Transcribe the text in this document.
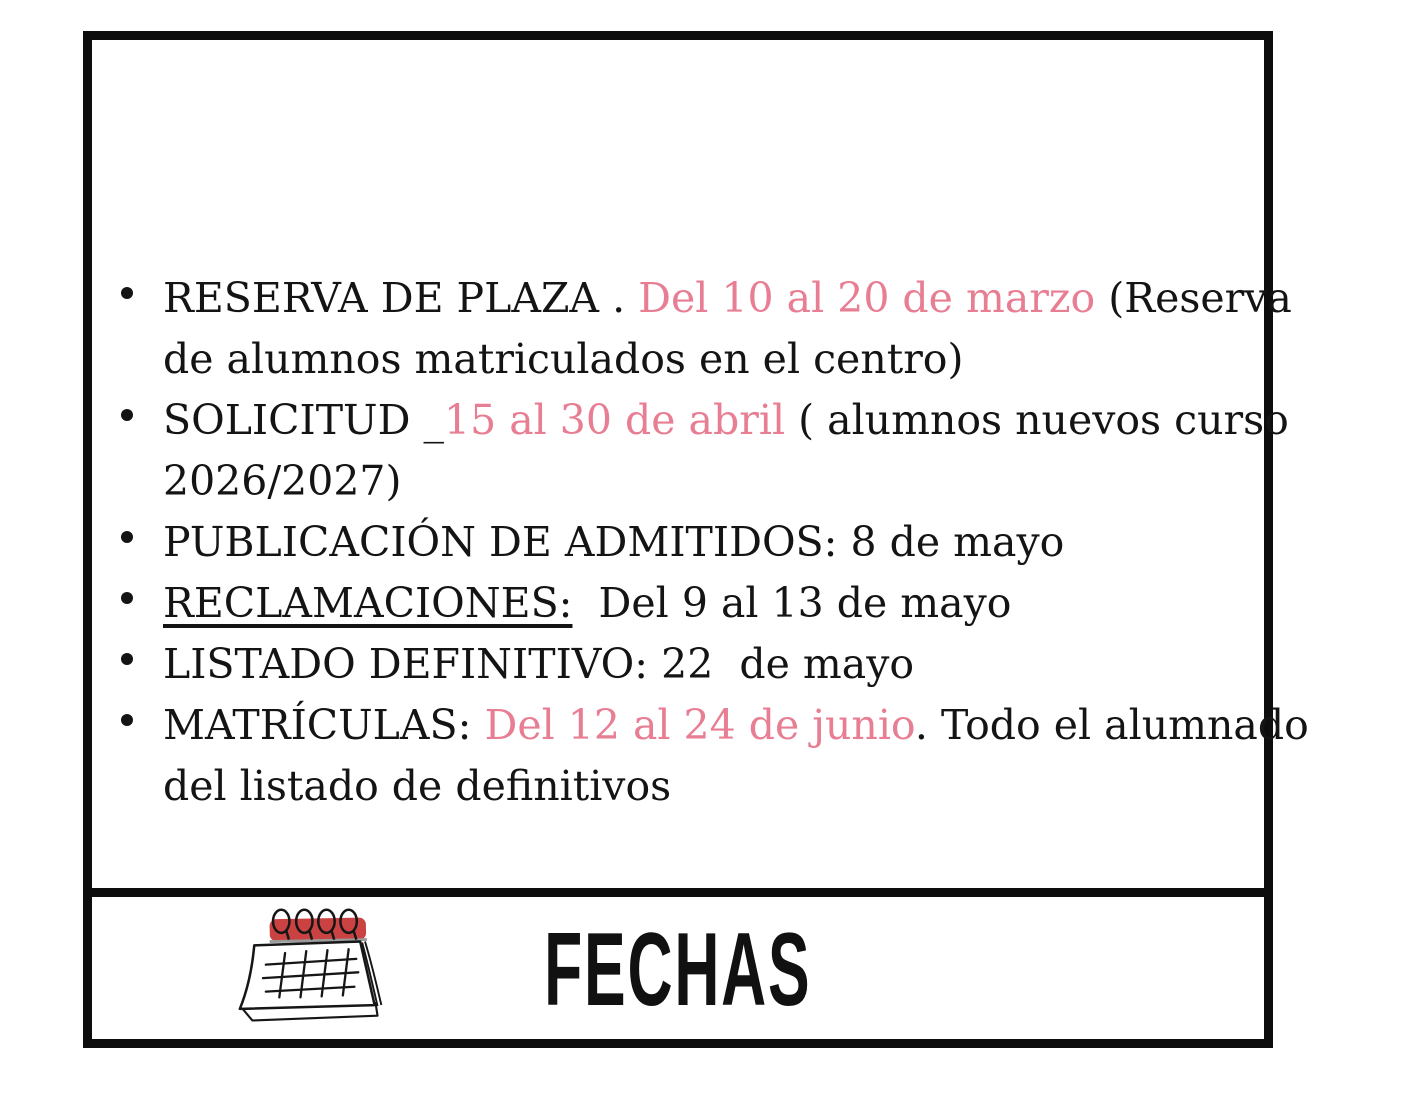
RESERVA DE PLAZA . Del 10 al 20 de marzo (Reserva
de alumnos matriculados en el centro)
SOLICITUD _15 al 30 de abril ( alumnos nuevos curso
2026/2027)
PUBLICACIÓN DE ADMITIDOS: 8 de mayo
RECLAMACIONES:  Del 9 al 13 de mayo
LISTADO DEFINITIVO: 22  de mayo
MATRÍCULAS: Del 12 al 24 de junio. Todo el alumnado
del listado de definitivos
FECHAS
